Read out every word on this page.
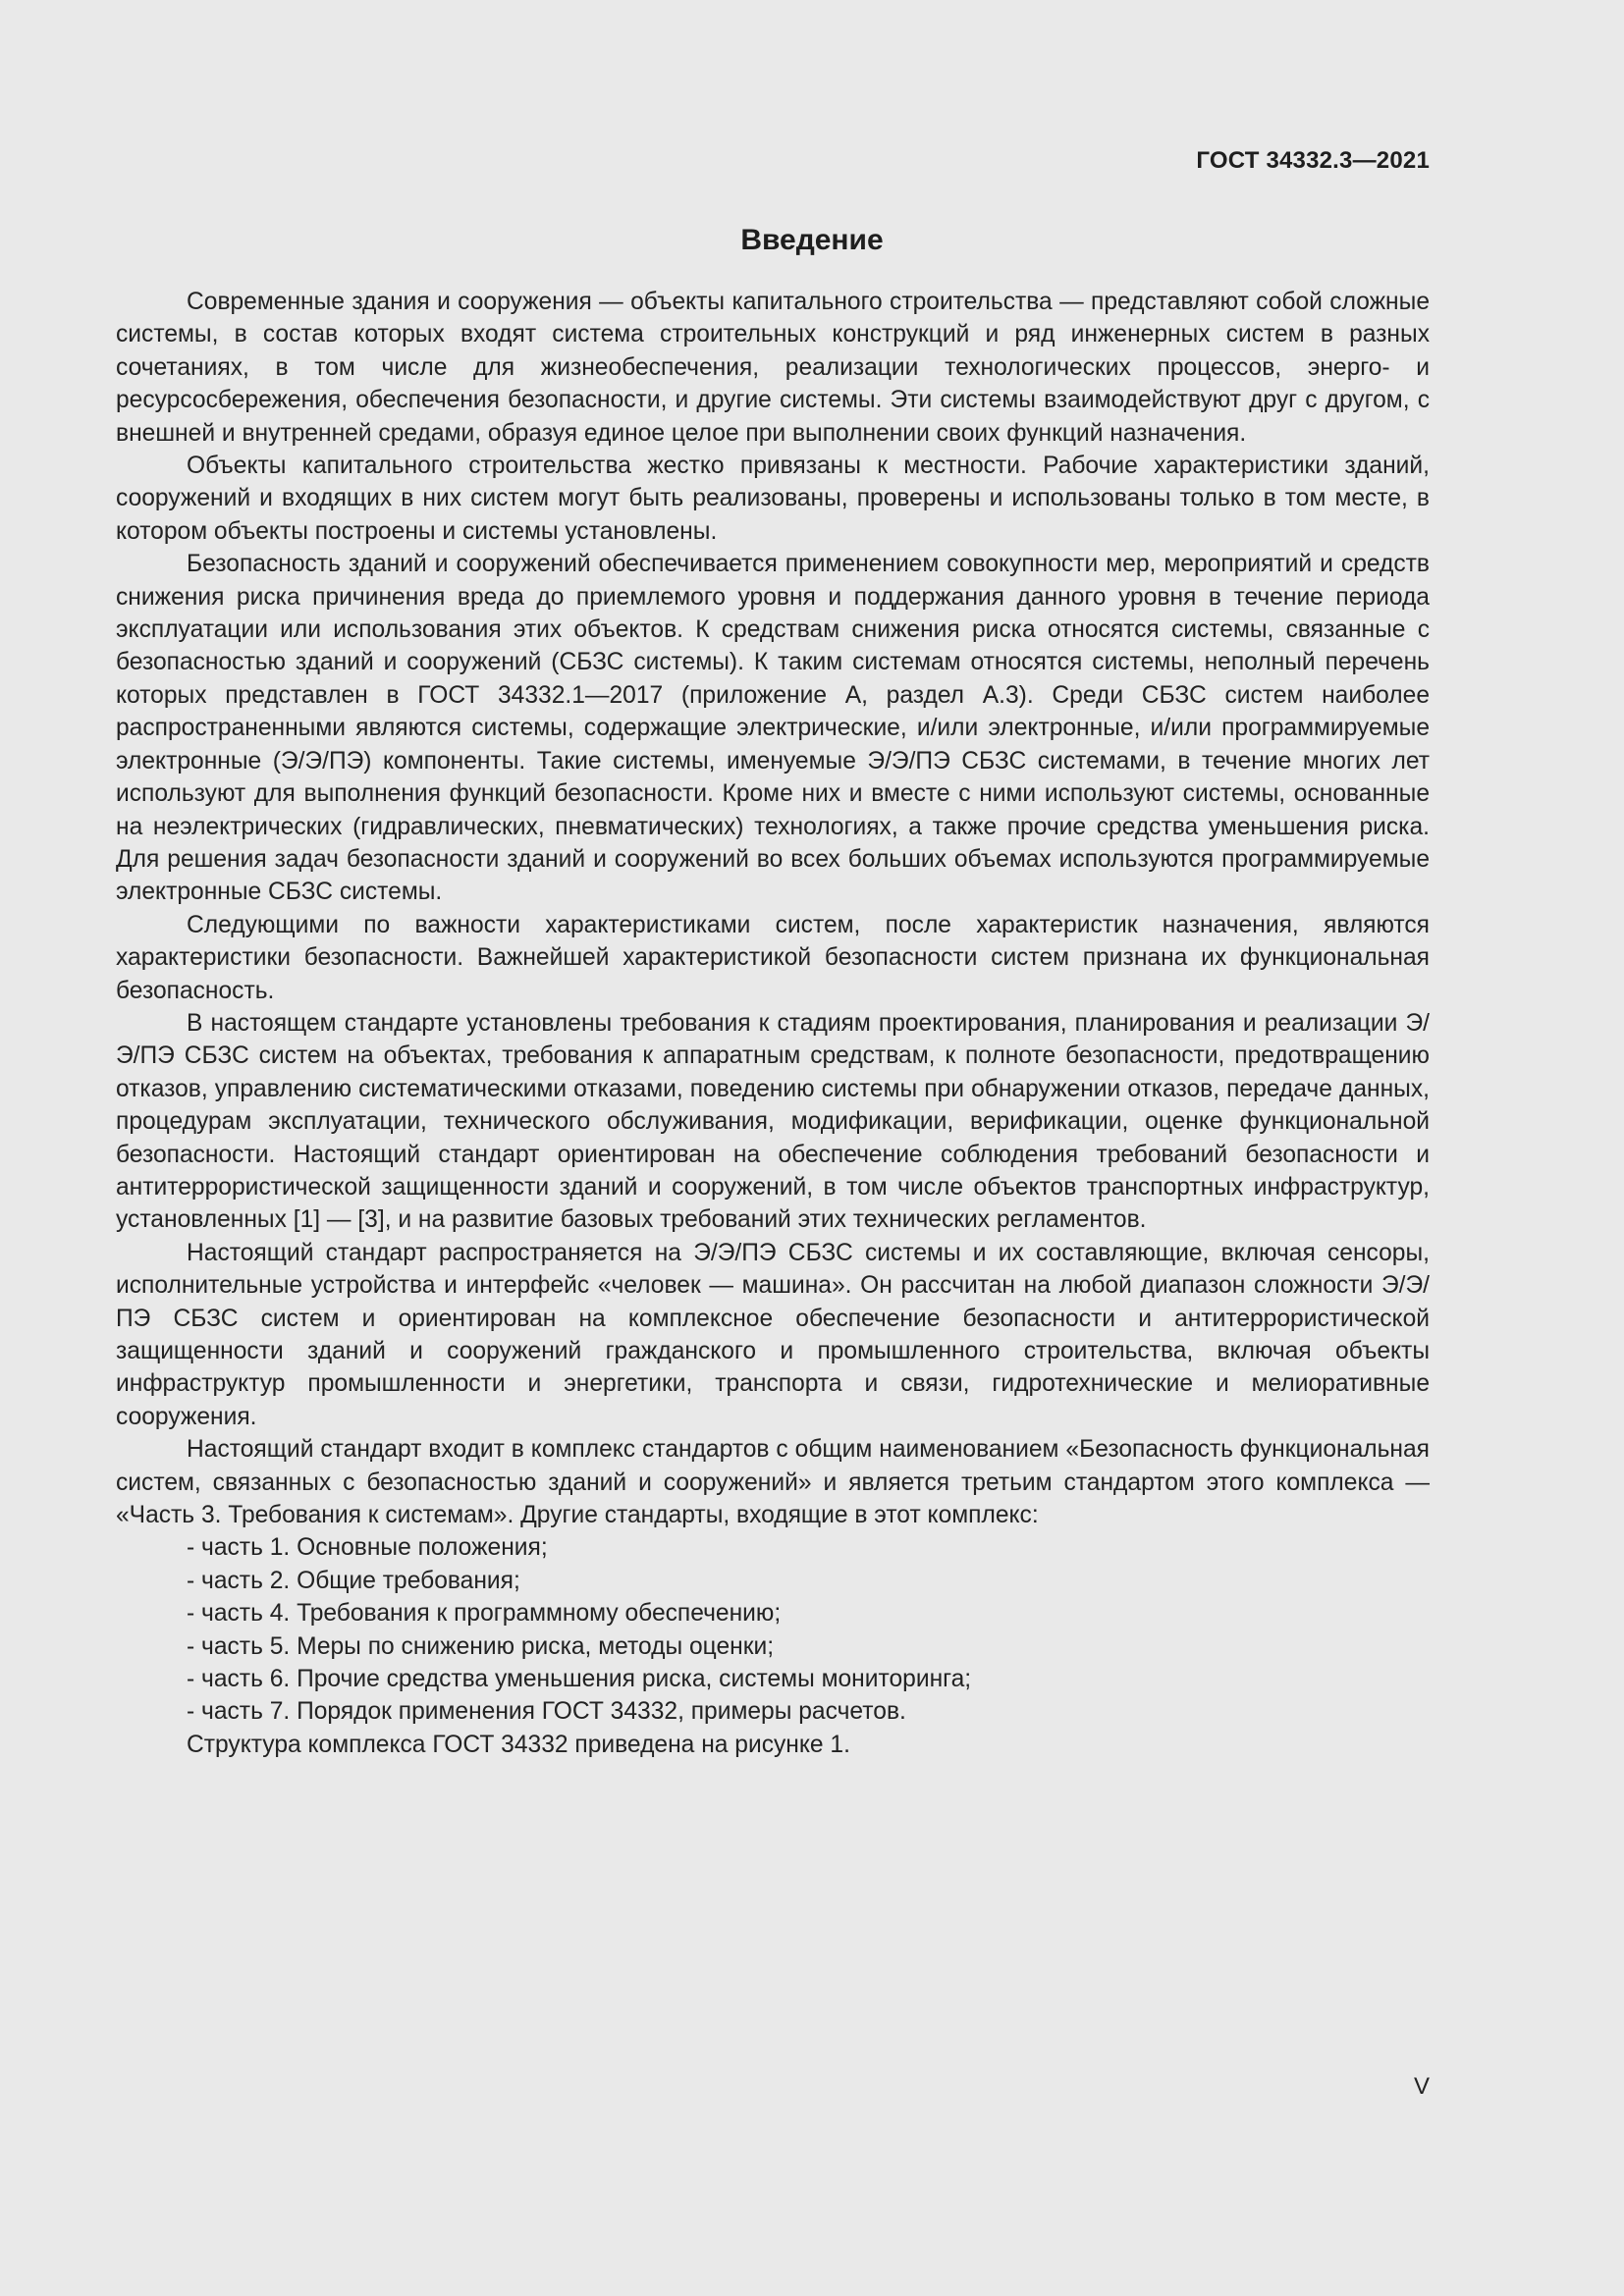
ГОСТ 34332.3—2021
Введение

Современные здания и сооружения — объекты капитального строительства — представляют собой сложные системы, в состав которых входят система строительных конструкций и ряд инженерных систем в разных сочетаниях, в том числе для жизнеобеспечения, реализации технологических процессов, энерго- и ресурсосбережения, обеспечения безопасности, и другие системы. Эти системы взаимодействуют друг с другом, с внешней и внутренней средами, образуя единое целое при выполнении своих функций назначения.

Объекты капитального строительства жестко привязаны к местности. Рабочие характеристики зданий, сооружений и входящих в них систем могут быть реализованы, проверены и использованы только в том месте, в котором объекты построены и системы установлены.

Безопасность зданий и сооружений обеспечивается применением совокупности мер, мероприятий и средств снижения риска причинения вреда до приемлемого уровня и поддержания данного уровня в течение периода эксплуатации или использования этих объектов. К средствам снижения риска относятся системы, связанные с безопасностью зданий и сооружений (СБЗС системы). К таким системам относятся системы, неполный перечень которых представлен в ГОСТ 34332.1—2017 (приложение А, раздел А.3). Среди СБЗС систем наиболее распространенными являются системы, содержащие электрические, и/или электронные, и/или программируемые электронные (Э/Э/ПЭ) компоненты. Такие системы, именуемые Э/Э/ПЭ СБЗС системами, в течение многих лет используют для выполнения функций безопасности. Кроме них и вместе с ними используют системы, основанные на неэлектрических (гидравлических, пневматических) технологиях, а также прочие средства уменьшения риска. Для решения задач безопасности зданий и сооружений во всех больших объемах используются программируемые электронные СБЗС системы.

Следующими по важности характеристиками систем, после характеристик назначения, являются характеристики безопасности. Важнейшей характеристикой безопасности систем признана их функциональная безопасность.

В настоящем стандарте установлены требования к стадиям проектирования, планирования и реализации Э/Э/ПЭ СБЗС систем на объектах, требования к аппаратным средствам, к полноте безопасности, предотвращению отказов, управлению систематическими отказами, поведению системы при обнаружении отказов, передаче данных, процедурам эксплуатации, технического обслуживания, модификации, верификации, оценке функциональной безопасности. Настоящий стандарт ориентирован на обеспечение соблюдения требований безопасности и антитеррористической защищенности зданий и сооружений, в том числе объектов транспортных инфраструктур, установленных [1] — [3], и на развитие базовых требований этих технических регламентов.

Настоящий стандарт распространяется на Э/Э/ПЭ СБЗС системы и их составляющие, включая сенсоры, исполнительные устройства и интерфейс «человек — машина». Он рассчитан на любой диапазон сложности Э/Э/ПЭ СБЗС систем и ориентирован на комплексное обеспечение безопасности и антитеррористической защищенности зданий и сооружений гражданского и промышленного строительства, включая объекты инфраструктур промышленности и энергетики, транспорта и связи, гидротехнические и мелиоративные сооружения.

Настоящий стандарт входит в комплекс стандартов с общим наименованием «Безопасность функциональная систем, связанных с безопасностью зданий и сооружений» и является третьим стандартом этого комплекса — «Часть 3. Требования к системам». Другие стандарты, входящие в этот комплекс:

- часть 1. Основные положения;
- часть 2. Общие требования;
- часть 4. Требования к программному обеспечению;
- часть 5. Меры по снижению риска, методы оценки;
- часть 6. Прочие средства уменьшения риска, системы мониторинга;
- часть 7. Порядок применения ГОСТ 34332, примеры расчетов.

Структура комплекса ГОСТ 34332 приведена на рисунке 1.

V
